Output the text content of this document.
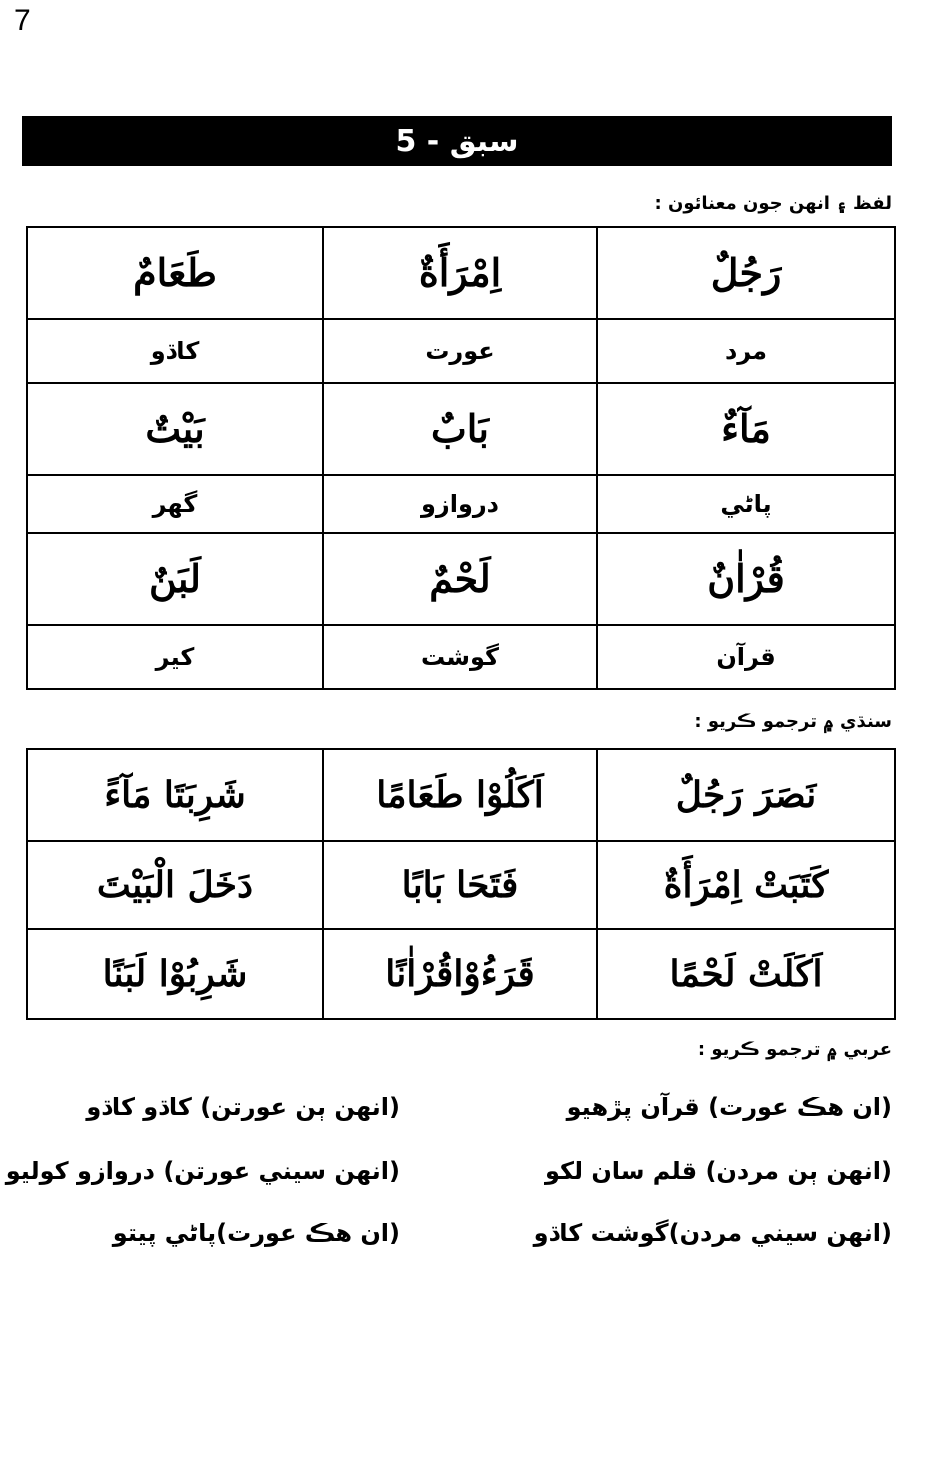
7
سبق - 5
لفظ ۽ انهن جون معنائون :
رَجُلٌ	اِمْرَأَةٌ	طَعَامٌ
مرد	عورت	کاڌو
مَآءٌ	بَابٌ	بَيْتٌ
پاڻي	دروازو	گهر
قُرْاٰنٌ	لَحْمٌ	لَبَنٌ
قرآن	گوشت	کير
سنڌي ۾ ترجمو ڪريو :
نَصَرَ رَجُلٌ	اَكَلُوْا طَعَامًا	شَرِبَتَا مَآءً
كَتَبَتْ اِمْرَأَةٌ	فَتَحَا بَابًا	دَخَلَ الْبَيْتَ
اَكَلَتْ لَحْمًا	قَرَءُوْاقُرْاٰنًا	شَرِبُوْا لَبَنًا
عربي ۾ ترجمو ڪريو :
(ان هڪ عورت) قرآن پڙهيو
(انهن ٻن عورتن) کاڌو کاڌو
(انهن ٻن مردن) قلم سان لکو
(انهن سيني عورتن) دروازو کوليو
(انهن سيني مردن)گوشت کاڌو
(ان هڪ عورت)پاڻي پيتو
